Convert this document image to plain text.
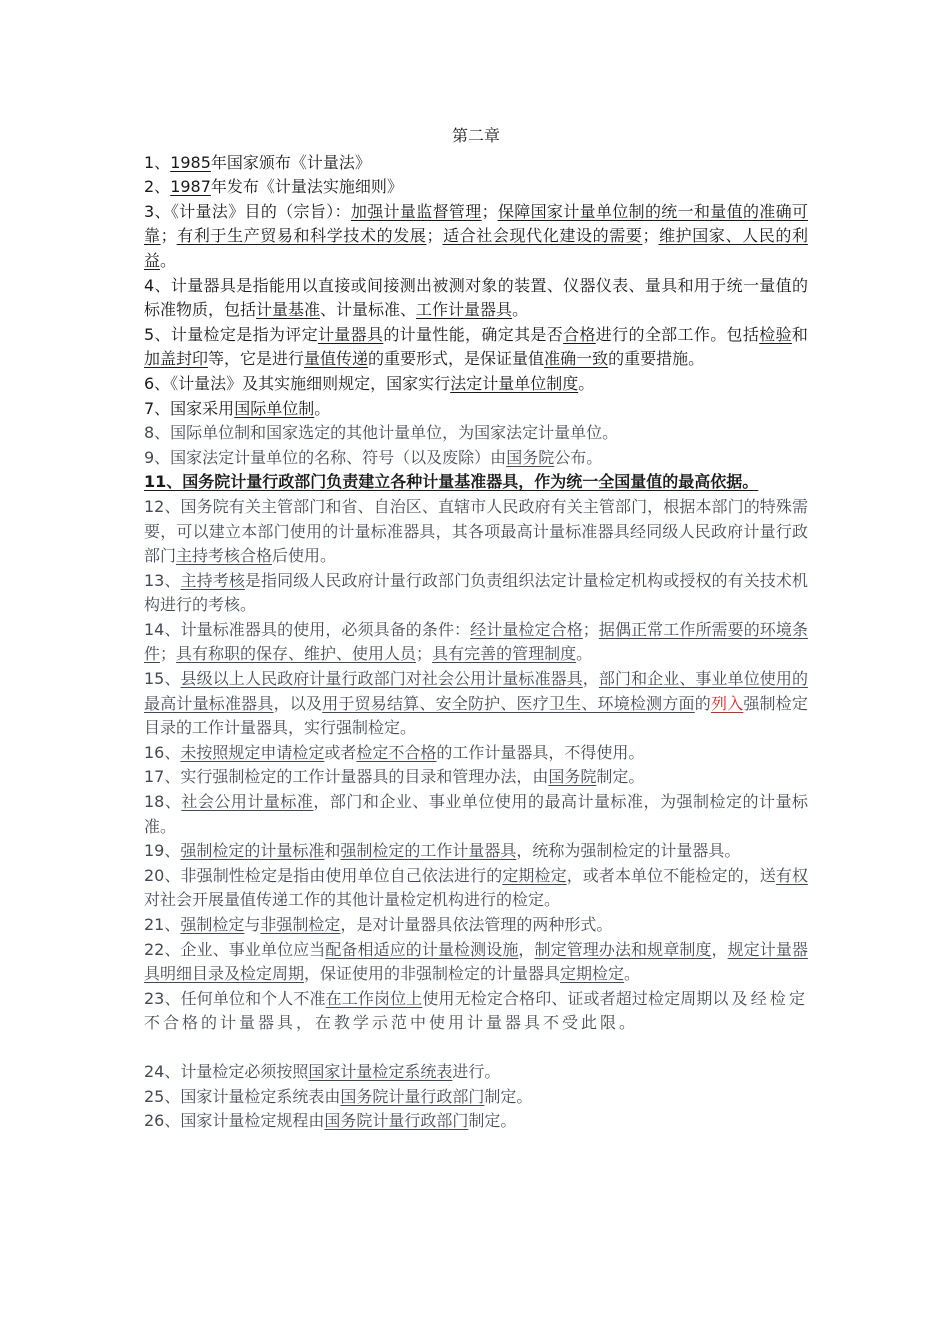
第二章
1、1985年国家颁布《计量法》
2、1987年发布《计量法实施细则》
3、《计量法》目的（宗旨）：加强计量监督管理；保障国家计量单位制的统一和量值的准确可靠；有利于生产贸易和科学技术的发展；适合社会现代化建设的需要；维护国家、人民的利益。
4、计量器具是指能用以直接或间接测出被测对象的装置、仪器仪表、量具和用于统一量值的标准物质，包括计量基准、计量标准、工作计量器具。
5、计量检定是指为评定计量器具的计量性能，确定其是否合格进行的全部工作。包括检验和加盖封印等，它是进行量值传递的重要形式，是保证量值准确一致的重要措施。
6、《计量法》及其实施细则规定，国家实行法定计量单位制度。
7、国家采用国际单位制。
8、国际单位制和国家选定的其他计量单位，为国家法定计量单位。
9、国家法定计量单位的名称、符号（以及废除）由国务院公布。
11、国务院计量行政部门负责建立各种计量基准器具，作为统一全国量值的最高依据。
12、国务院有关主管部门和省、自治区、直辖市人民政府有关主管部门，根据本部门的特殊需要，可以建立本部门使用的计量标准器具，其各项最高计量标准器具经同级人民政府计量行政部门主持考核合格后使用。
13、主持考核是指同级人民政府计量行政部门负责组织法定计量检定机构或授权的有关技术机构进行的考核。
14、计量标准器具的使用，必须具备的条件：经计量检定合格；据偶正常工作所需要的环境条件；具有称职的保存、维护、使用人员；具有完善的管理制度。
15、县级以上人民政府计量行政部门对社会公用计量标准器具，部门和企业、事业单位使用的最高计量标准器具，以及用于贸易结算、安全防护、医疗卫生、环境检测方面的列入强制检定目录的工作计量器具，实行强制检定。
16、未按照规定申请检定或者检定不合格的工作计量器具，不得使用。
17、实行强制检定的工作计量器具的目录和管理办法，由国务院制定。
18、社会公用计量标准，部门和企业、事业单位使用的最高计量标准，为强制检定的计量标准。
19、强制检定的计量标准和强制检定的工作计量器具，统称为强制检定的计量器具。
20、非强制性检定是指由使用单位自己依法进行的定期检定，或者本单位不能检定的，送有权对社会开展量值传递工作的其他计量检定机构进行的检定。
21、强制检定与非强制检定，是对计量器具依法管理的两种形式。
22、企业、事业单位应当配备相适应的计量检测设施，制定管理办法和规章制度，规定计量器具明细目录及检定周期，保证使用的非强制检定的计量器具定期检定。
23、任何单位和个人不准在工作岗位上使用无检定合格印、证或者超过检定周期以及经检定不合格的计量器具，在教学示范中使用计量器具不受此限。
24、计量检定必须按照国家计量检定系统表进行。
25、国家计量检定系统表由国务院计量行政部门制定。
26、国家计量检定规程由国务院计量行政部门制定。
